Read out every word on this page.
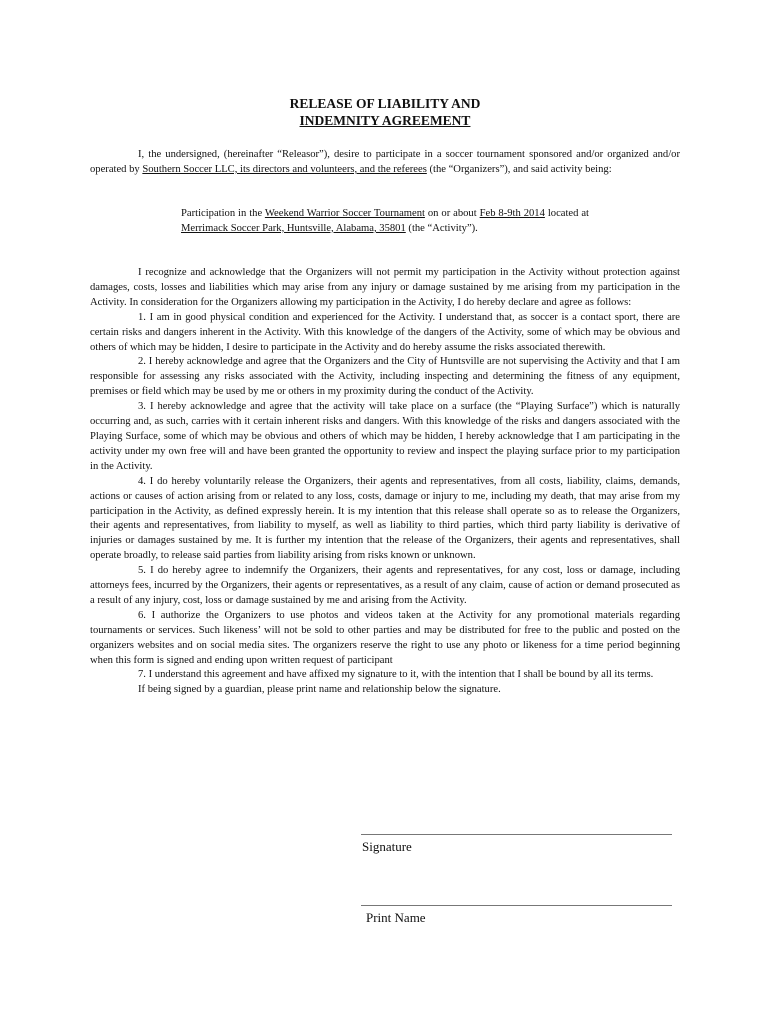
RELEASE OF LIABILITY AND
INDEMNITY AGREEMENT
I, the undersigned, (hereinafter “Releasor”), desire to participate in a soccer tournament sponsored and/or organized and/or operated by Southern Soccer LLC, its directors and volunteers, and the referees (the “Organizers”), and said activity being:
Participation in the Weekend Warrior Soccer Tournament on or about Feb 8-9th 2014 located at Merrimack Soccer Park, Huntsville, Alabama, 35801 (the “Activity”).
I recognize and acknowledge that the Organizers will not permit my participation in the Activity without protection against damages, costs, losses and liabilities which may arise from any injury or damage sustained by me arising from my participation in the Activity. In consideration for the Organizers allowing my participation in the Activity, I do hereby declare and agree as follows:
1. I am in good physical condition and experienced for the Activity. I understand that, as soccer is a contact sport, there are certain risks and dangers inherent in the Activity. With this knowledge of the dangers of the Activity, some of which may be obvious and others of which may be hidden, I desire to participate in the Activity and do hereby assume the risks associated therewith.
2. I hereby acknowledge and agree that the Organizers and the City of Huntsville are not supervising the Activity and that I am responsible for assessing any risks associated with the Activity, including inspecting and determining the fitness of any equipment, premises or field which may be used by me or others in my proximity during the conduct of the Activity.
3. I hereby acknowledge and agree that the activity will take place on a surface (the “Playing Surface”) which is naturally occurring and, as such, carries with it certain inherent risks and dangers. With this knowledge of the risks and dangers associated with the Playing Surface, some of which may be obvious and others of which may be hidden, I hereby acknowledge that I am participating in the activity under my own free will and have been granted the opportunity to review and inspect the playing surface prior to my participation in the Activity.
4. I do hereby voluntarily release the Organizers, their agents and representatives, from all costs, liability, claims, demands, actions or causes of action arising from or related to any loss, costs, damage or injury to me, including my death, that may arise from my participation in the Activity, as defined expressly herein. It is my intention that this release shall operate so as to release the Organizers, their agents and representatives, from liability to myself, as well as liability to third parties, which third party liability is derivative of injuries or damages sustained by me. It is further my intention that the release of the Organizers, their agents and representatives, shall operate broadly, to release said parties from liability arising from risks known or unknown.
5. I do hereby agree to indemnify the Organizers, their agents and representatives, for any cost, loss or damage, including attorneys fees, incurred by the Organizers, their agents or representatives, as a result of any claim, cause of action or demand prosecuted as a result of any injury, cost, loss or damage sustained by me and arising from the Activity.
6. I authorize the Organizers to use photos and videos taken at the Activity for any promotional materials regarding tournaments or services. Such likeness’ will not be sold to other parties and may be distributed for free to the public and posted on the organizers websites and on social media sites. The organizers reserve the right to use any photo or likeness for a time period beginning when this form is signed and ending upon written request of participant
7. I understand this agreement and have affixed my signature to it, with the intention that I shall be bound by all its terms.
If being signed by a guardian, please print name and relationship below the signature.
Signature
Print Name
